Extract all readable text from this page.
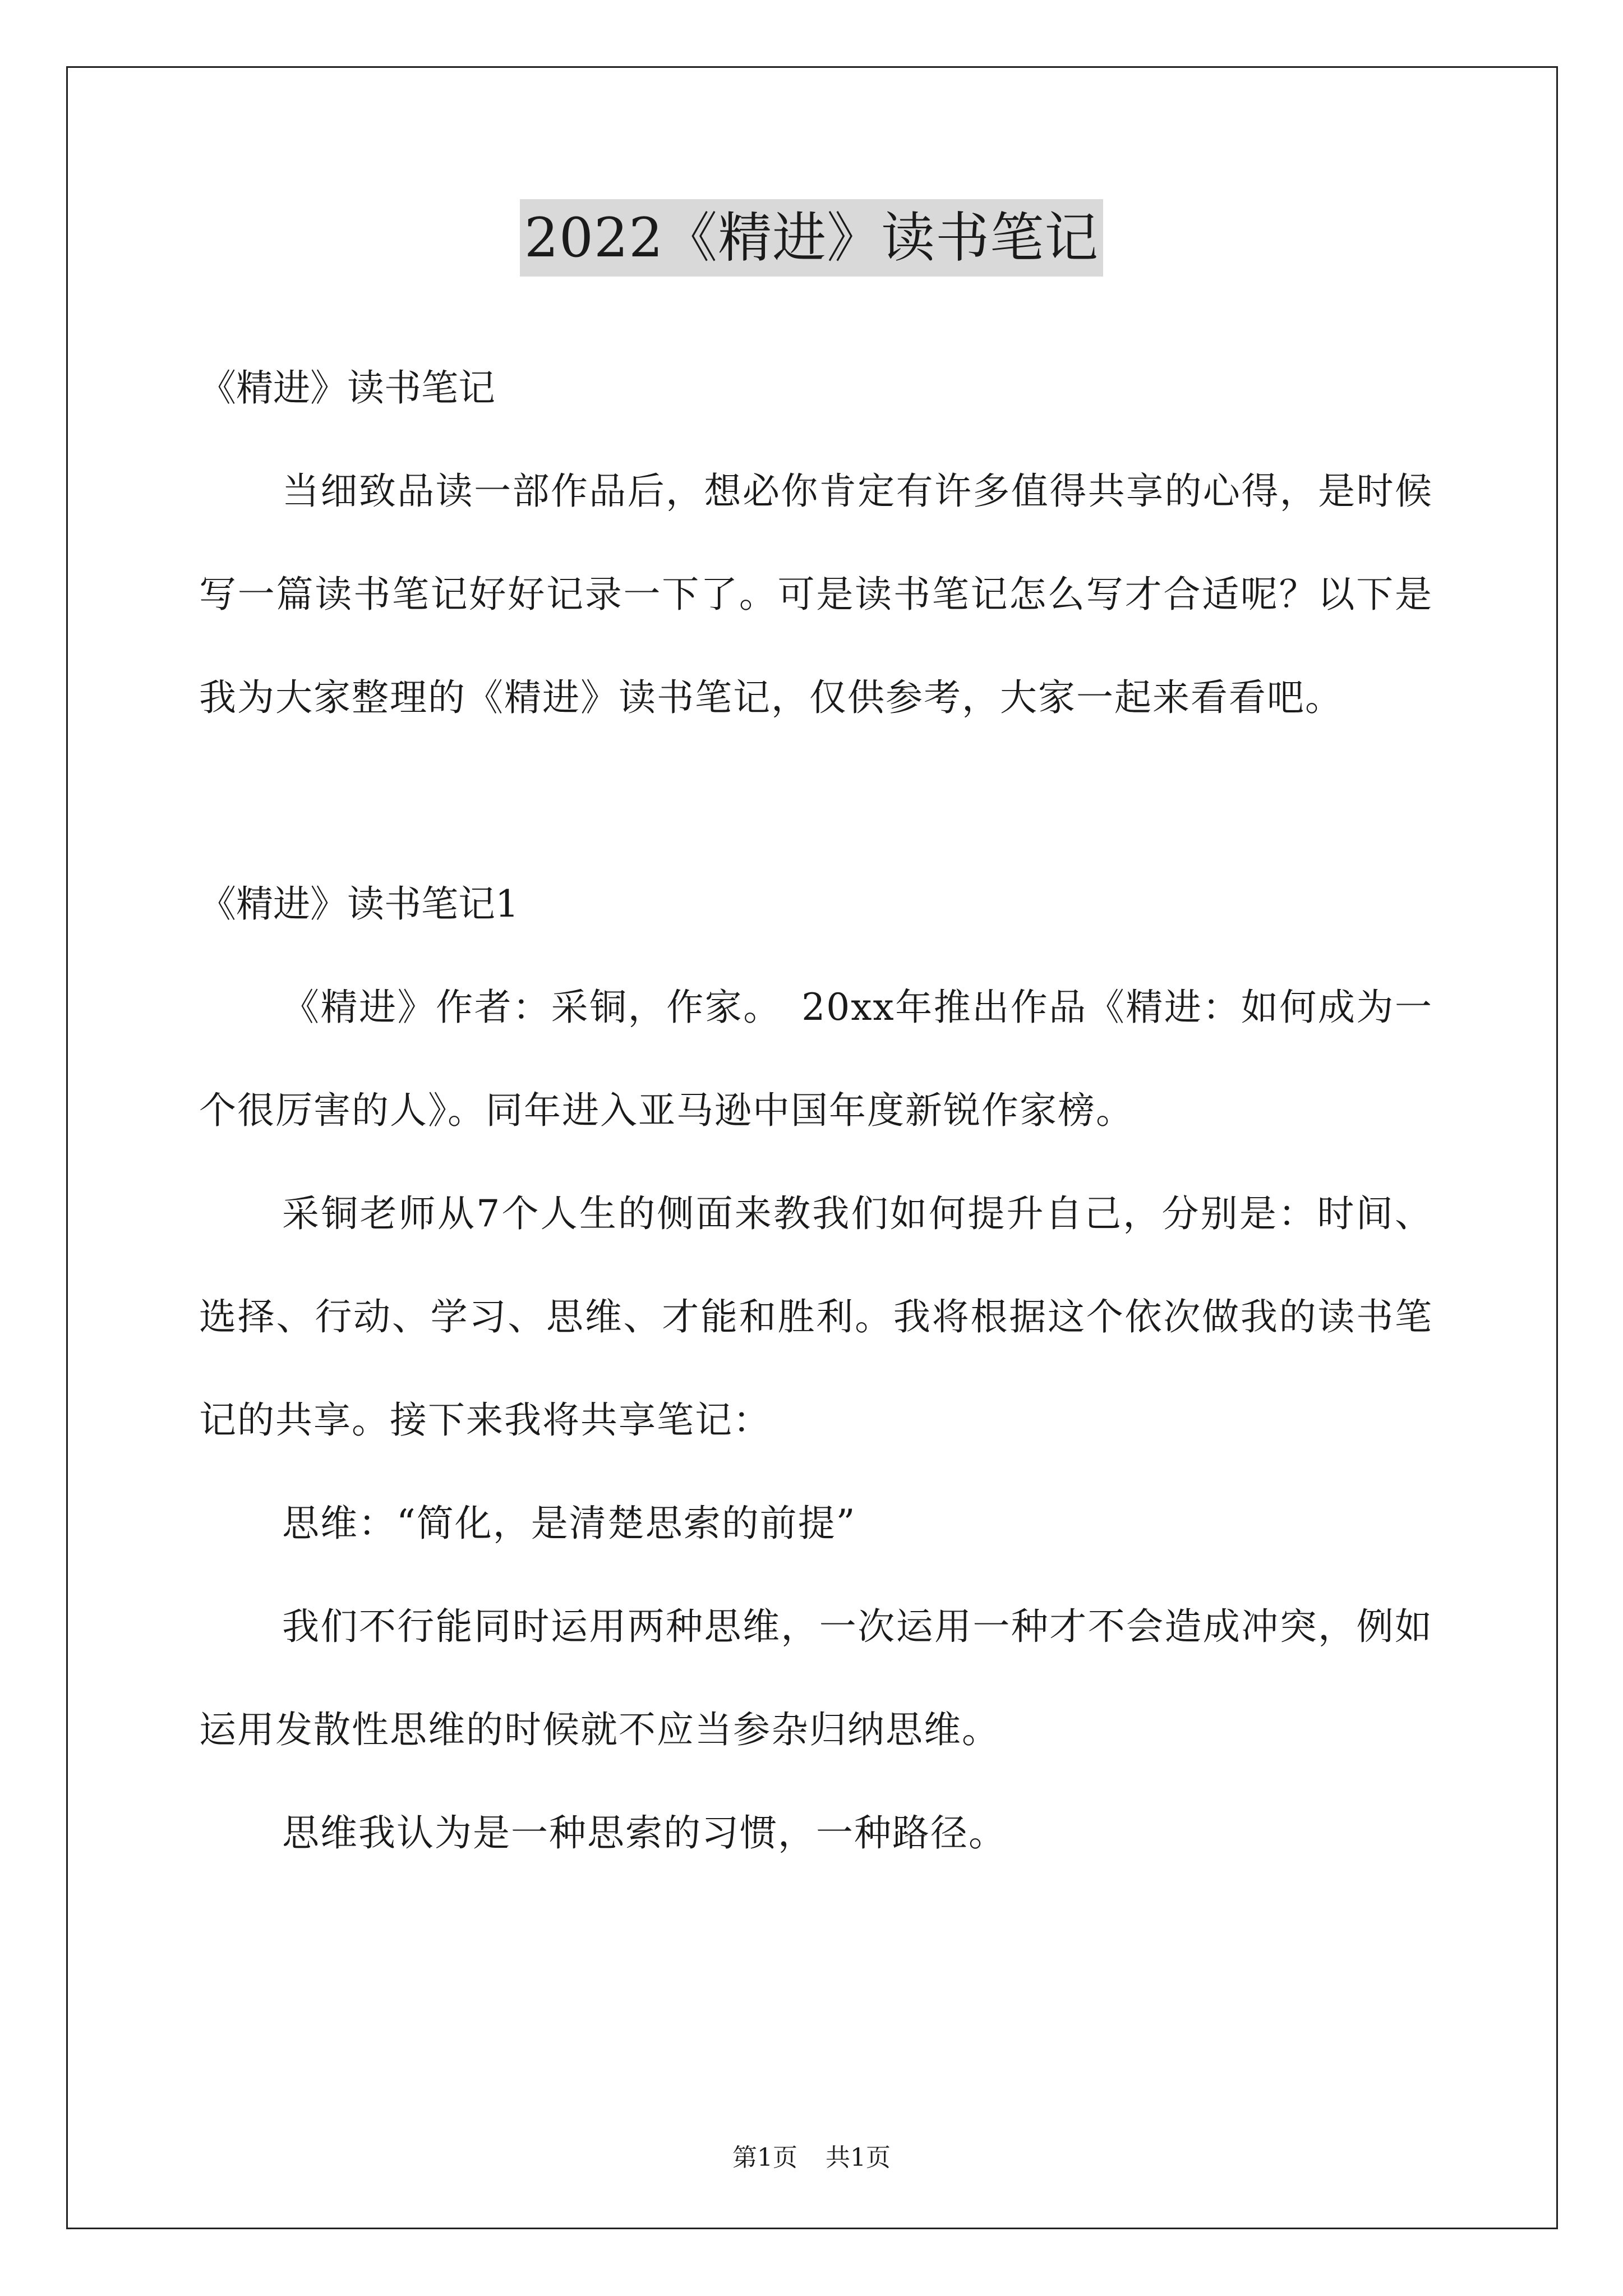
2022《精进》读书笔记

《精进》读书笔记

当细致品读一部作品后，想必你肯定有许多值得共享的心得，是时候写一篇读书笔记好好记录一下了。可是读书笔记怎么写才合适呢？以下是我为大家整理的《精进》读书笔记，仅供参考，大家一起来看看吧。

《精进》读书笔记1

《精进》作者：采铜，作家。　20xx年推出作品《精进：如何成为一个很厉害的人》。同年进入亚马逊中国年度新锐作家榜。

采铜老师从7个人生的侧面来教我们如何提升自己，分别是：时间、选择、行动、学习、思维、才能和胜利。我将根据这个依次做我的读书笔记的共享。接下来我将共享笔记：

思维：“简化，是清楚思索的前提”

我们不行能同时运用两种思维，一次运用一种才不会造成冲突，例如运用发散性思维的时候就不应当参杂归纳思维。

思维我认为是一种思索的习惯，一种路径。

第1页 共1页
